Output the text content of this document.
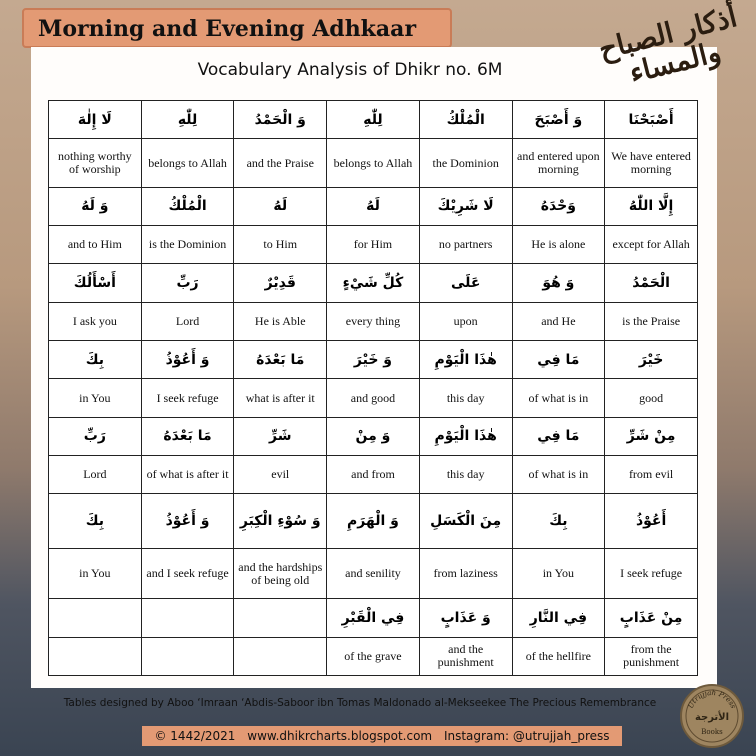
Morning and Evening Adhkaar	أذكار الصباح والمساء
Vocabulary Analysis of Dhikr no. 6M
لَا إِلٰهَ	لِلّٰهِ	وَ الْحَمْدُ	لِلّٰهِ	الْمُلْكُ	وَ أَصْبَحَ	أَصْبَحْنَا
nothing worthy of worship	belongs to Allah	and the Praise	belongs to Allah	the Dominion	and entered upon morning	We have entered morning
وَ لَهُ	الْمُلْكُ	لَهُ	لَهُ	لَا شَرِيْكَ	وَحْدَهُ	إِلَّا اللّٰهُ
and to Him	is the Dominion	to Him	for Him	no partners	He is alone	except for Allah
أَسْأَلُكَ	رَبِّ	قَدِيْرٌ	كُلِّ شَيْءٍ	عَلَى	وَ هُوَ	الْحَمْدُ
I ask you	Lord	He is Able	every thing	upon	and He	is the Praise
بِكَ	وَ أَعُوْذُ	مَا بَعْدَهُ	وَ خَيْرَ	هٰذَا الْيَوْمِ	مَا فِي	خَيْرَ
in You	I seek refuge	what is after it	and good	this day	of what is in	good
رَبِّ	مَا بَعْدَهُ	شَرِّ	وَ مِنْ	هٰذَا الْيَوْمِ	مَا فِي	مِنْ شَرِّ
Lord	of what is after it	evil	and from	this day	of what is in	from evil
بِكَ	وَ أَعُوْذُ	وَ سُوْءِ الْكِبَرِ	وَ الْهَرَمِ	مِنَ الْكَسَلِ	بِكَ	أَعُوْذُ
in You	and I seek refuge	and the hardships of being old	and senility	from laziness	in You	I seek refuge
			فِي الْقَبْرِ	وَ عَذَابٍ	فِي النَّارِ	مِنْ عَذَابٍ
			of the grave	and the punishment	of the hellfire	from the punishment
Tables designed by Aboo ‘Imraan ‘Abdis-Saboor ibn Tomas Maldonado al-Mekseekee The Precious Remembrance
© 1442/2021 www.dhikrcharts.blogspot.com Instagram: @utrujjah_press
Utrujjah Press
الأترجة
Books
